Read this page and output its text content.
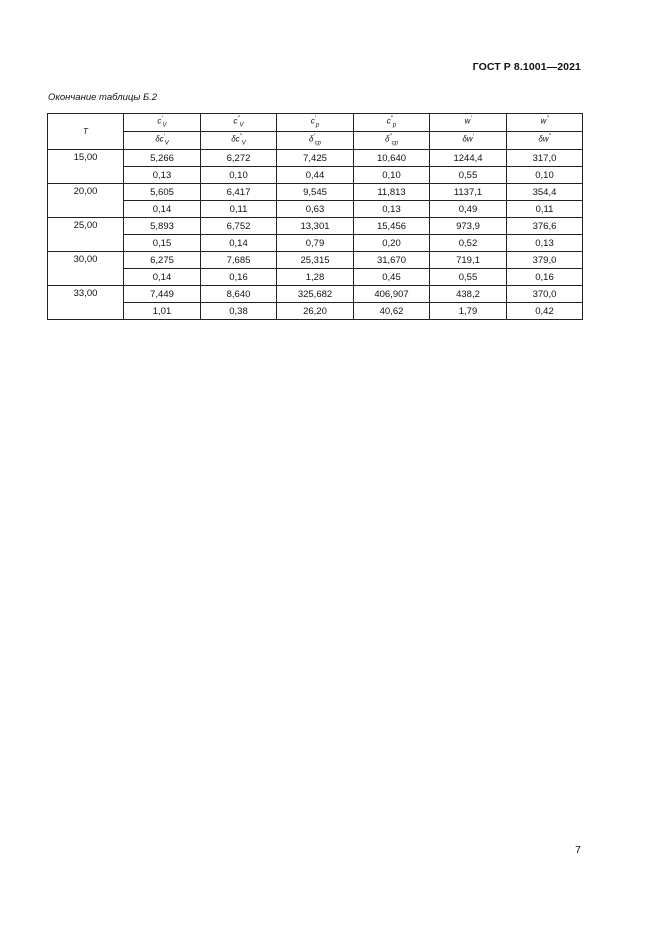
ГОСТ Р 8.1001—2021
Окончание таблицы Б.2
T	$c'_V$	$c''_V$	$c'_p$	$c''_p$	w′	w″
	$\delta c'_V$	$\delta c''_V$	$\delta'_{cp}$	$\delta''_{cp}$	δw′	δw″
15,00	5,266	6,272	7,425	10,640	1244,4	317,0
	0,13	0,10	0,44	0,10	0,55	0,10
20,00	5,605	6,417	9,545	11,813	1137,1	354,4
	0,14	0,11	0,63	0,13	0,49	0,11
25,00	5,893	6,752	13,301	15,456	973,9	376,6
	0,15	0,14	0,79	0,20	0,52	0,13
30,00	6,275	7,685	25,315	31,670	719,1	379,0
	0,14	0,16	1,28	0,45	0,55	0,16
33,00	7,449	8,640	325,682	406,907	438,2	370,0
	1,01	0,38	26,20	40,62	1,79	0,42
7
